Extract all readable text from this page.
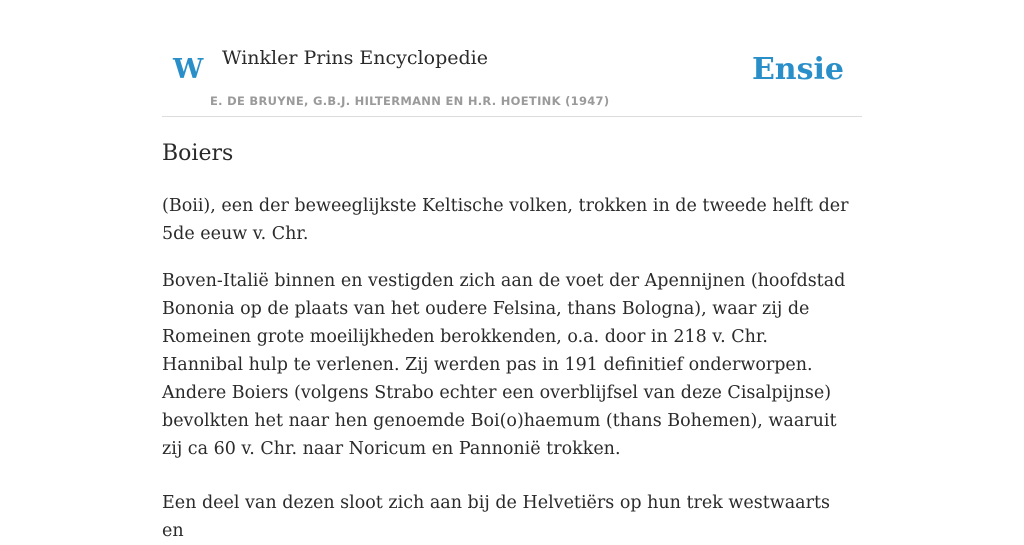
W Winkler Prins Encyclopedie
E. DE BRUYNE, G.B.J. HILTERMANN EN H.R. HOETINK (1947)
Ensie
Boiers

(Boii), een der beweeglijkste Keltische volken, trokken in de tweede helft der 5de eeuw v. Chr.

Boven-Italië binnen en vestigden zich aan de voet der Apennijnen (hoofdstad Bononia op de plaats van het oudere Felsina, thans Bologna), waar zij de Romeinen grote moeilijkheden berokkenden, o.a. door in 218 v. Chr. Hannibal hulp te verlenen. Zij werden pas in 191 definitief onderworpen. Andere Boiers (volgens Strabo echter een overblijfsel van deze Cisalpijnse) bevolkten het naar hen genoemde Boi(o)haemum (thans Bohemen), waaruit zij ca 60 v. Chr. naar Noricum en Pannonië trokken.

Een deel van dezen sloot zich aan bij de Helvetiërs op hun trek westwaarts en
